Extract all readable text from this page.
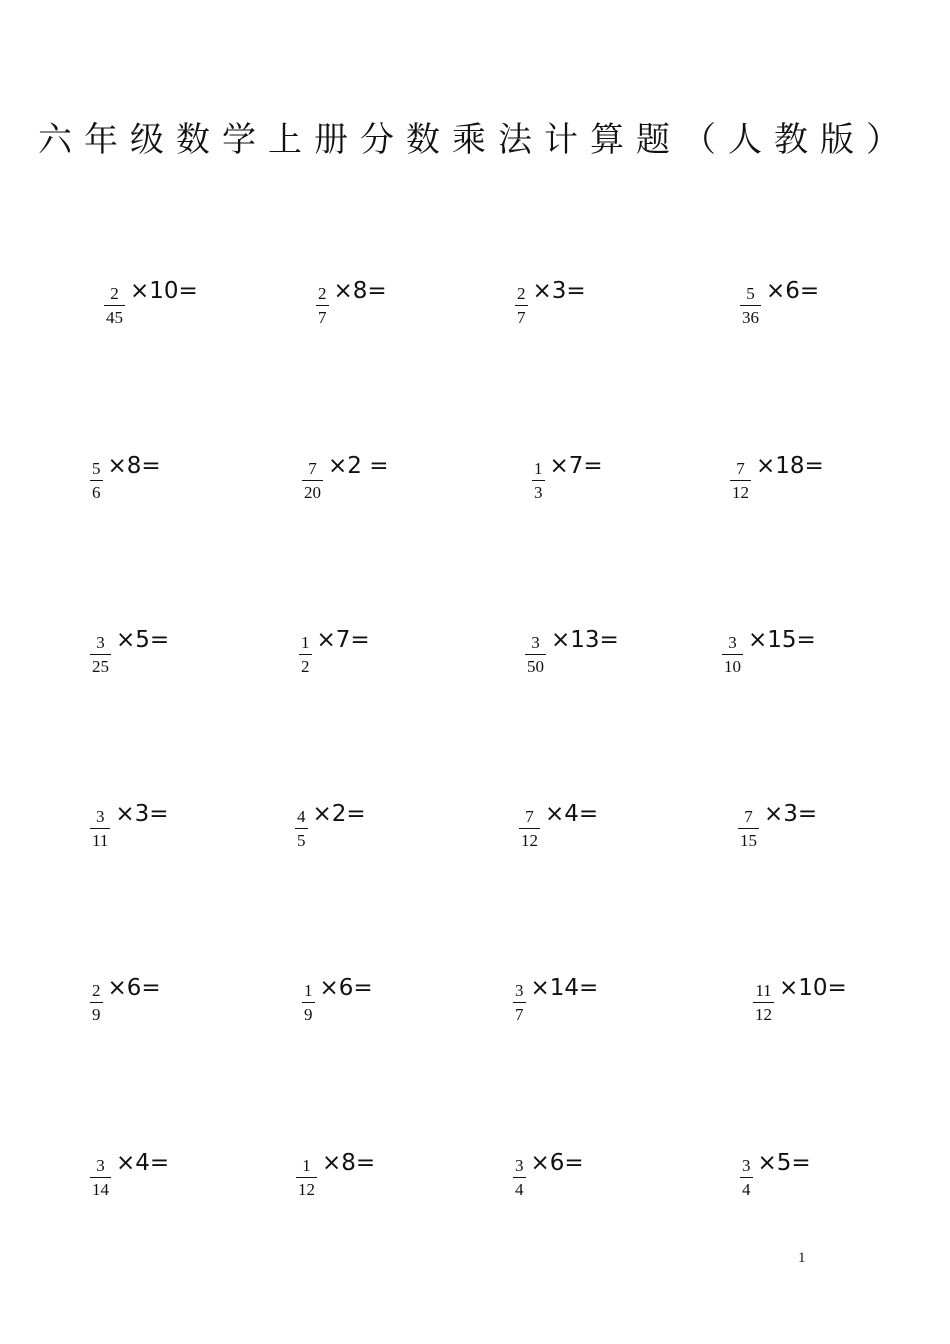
六年级数学上册分数乘法计算题（人教版）
$\frac{2}{45} \times 10=$	$\frac{2}{7} \times 8=$	$\frac{2}{7} \times 3=$	$\frac{5}{36} \times 6=$
$\frac{5}{6} \times 8=$	$\frac{7}{20} \times 2$ =	$\frac{1}{3} \times 7=$	$\frac{7}{12} \times 18=$
$\frac{3}{25} \times 5=$	$\frac{1}{2} \times 7=$	$\frac{3}{50} \times 13=$	$\frac{3}{10} \times 15=$
$\frac{3}{11} \times 3=$	$\frac{4}{5} \times 2=$	$\frac{7}{12} \times 4=$	$\frac{7}{15} \times 3=$
$\frac{2}{9} \times 6=$	$\frac{1}{9} \times 6=$	$\frac{3}{7} \times 14=$	$\frac{11}{12} \times 10=$
$\frac{3}{14} \times 4=$	$\frac{1}{12} \times 8=$	$\frac{3}{4} \times 6=$	$\frac{3}{4} \times 5=$
1
